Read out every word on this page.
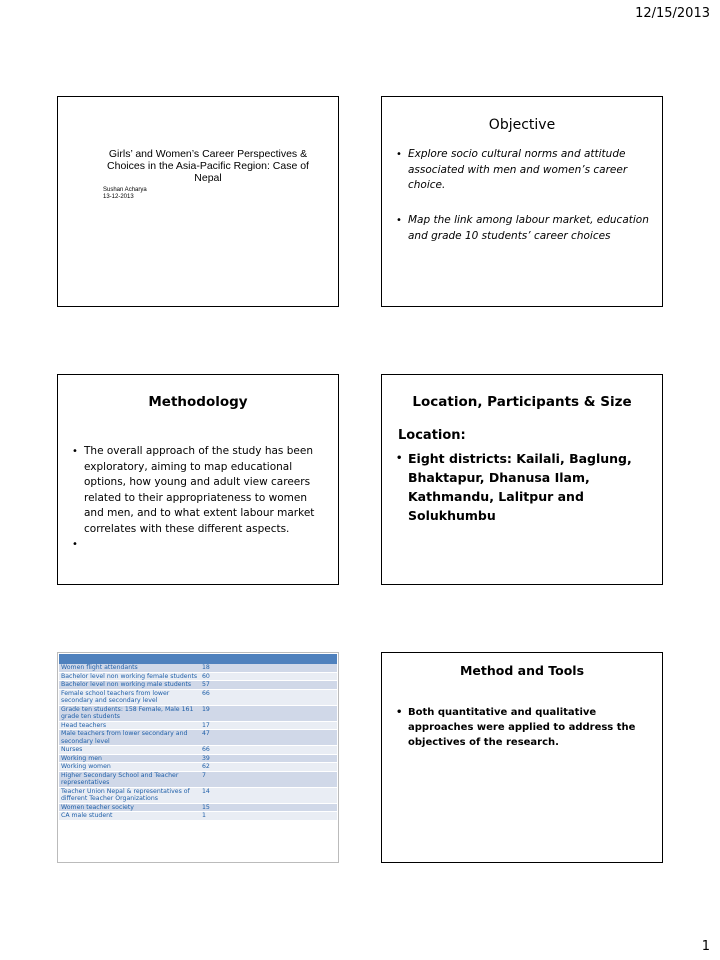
12/15/2013
Girls’ and Women’s Career Perspectives & Choices in the Asia-Pacific Region: Case of Nepal
Sushan Acharya
13-12-2013
Objective
• Explore socio cultural norms and attitude associated with men and women’s career choice.
• Map the link among labour market, education and grade 10 students’ career choices
Methodology
• The overall approach of the study has been exploratory, aiming to map educational options, how young and adult view careers related to their appropriateness to women and men, and to what extent labour market correlates with these different aspects.
•
Location, Participants & Size
Location:
• Eight districts: Kailali, Baglung, Bhaktapur, Dhanusa Ilam, Kathmandu, Lalitpur and Solukhumbu
Women flight attendants	18
Bachelor level non working female students	60
Bachelor level non working male students	57
Female school teachers from lower secondary and secondary level	66
Grade ten students: 158 Female, Male 161 grade ten students	19
Head teachers	17
Male teachers from lower secondary and secondary level	47
Nurses	66
Working men	39
Working women	62
Higher Secondary School and Teacher representatives	7
Teacher Union Nepal & representatives of different Teacher Organizations	14
Women teacher society	15
CA male student	1
Method and Tools
• Both quantitative and qualitative approaches were applied to address the objectives of the research.
1
